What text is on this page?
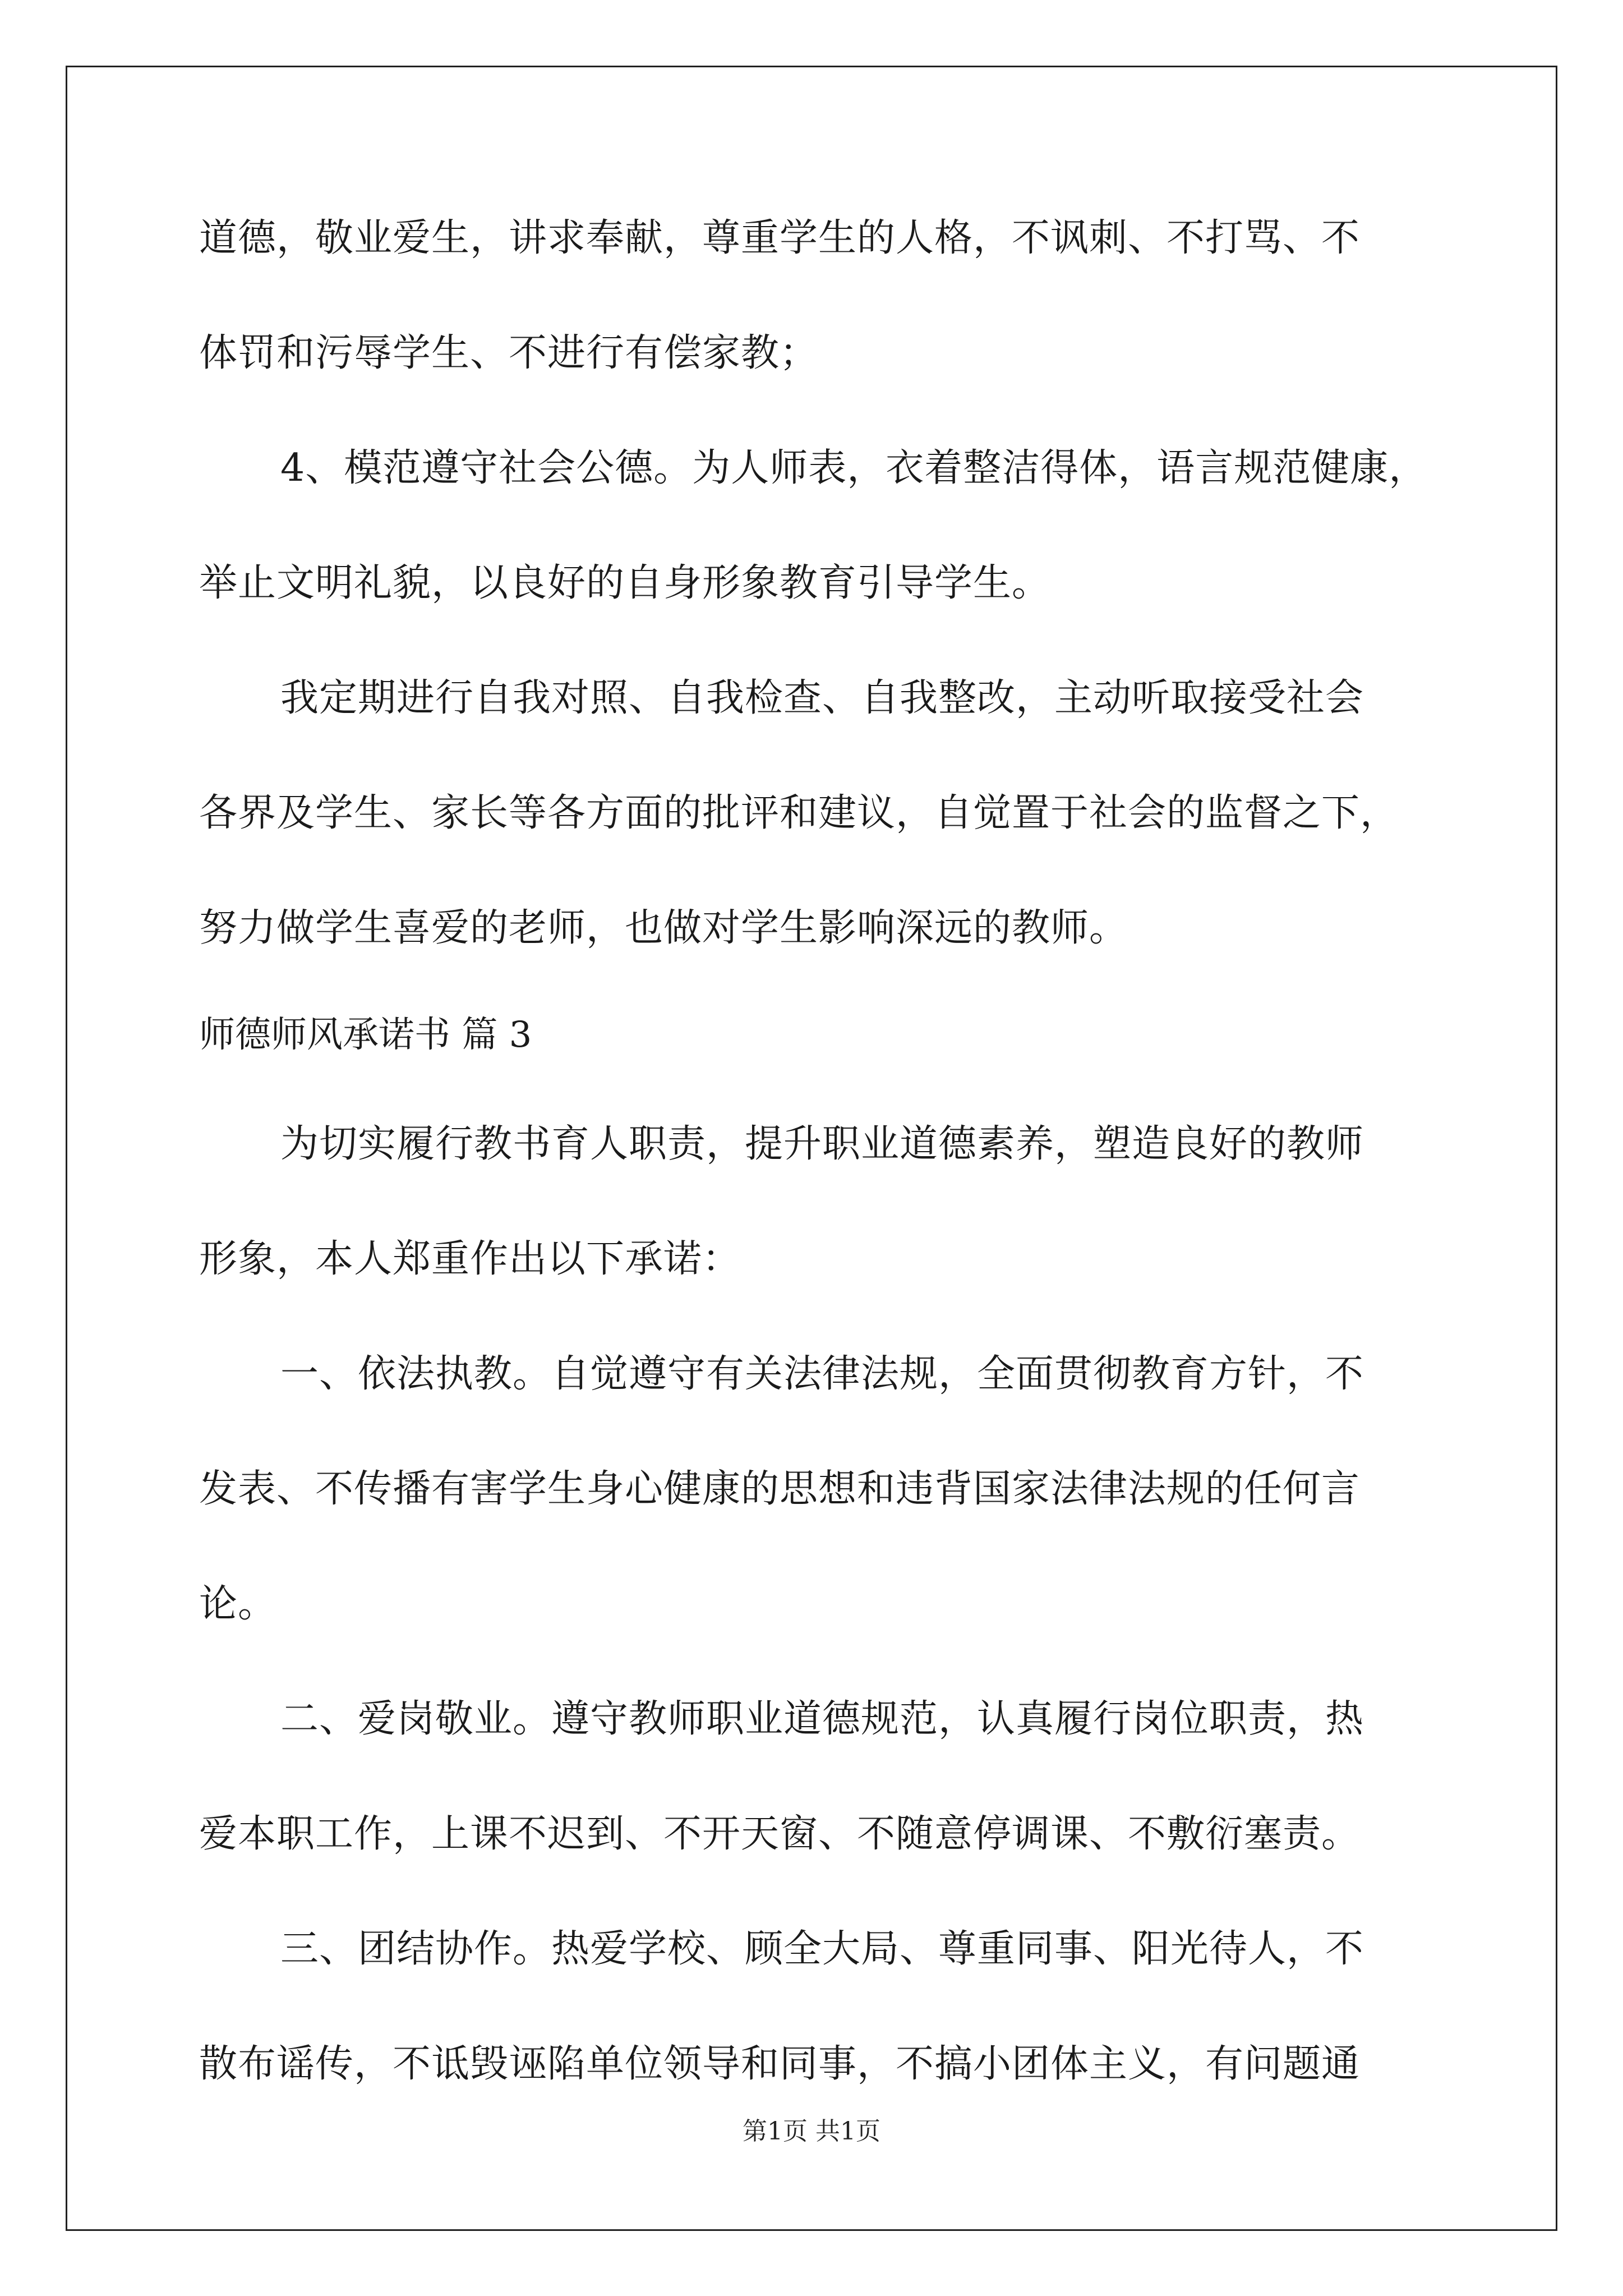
道德，敬业爱生，讲求奉献，尊重学生的人格，不讽刺、不打骂、不
体罚和污辱学生、不进行有偿家教；
4、模范遵守社会公德。为人师表，衣着整洁得体，语言规范健康，
举止文明礼貌，以良好的自身形象教育引导学生。
我定期进行自我对照、自我检查、自我整改，主动听取接受社会
各界及学生、家长等各方面的批评和建议，自觉置于社会的监督之下，
努力做学生喜爱的老师，也做对学生影响深远的教师。
师德师风承诺书 篇 3
为切实履行教书育人职责，提升职业道德素养，塑造良好的教师
形象，本人郑重作出以下承诺：
一、依法执教。自觉遵守有关法律法规，全面贯彻教育方针，不
发表、不传播有害学生身心健康的思想和违背国家法律法规的任何言
论。
二、爱岗敬业。遵守教师职业道德规范，认真履行岗位职责，热
爱本职工作，上课不迟到、不开天窗、不随意停调课、不敷衍塞责。
三、团结协作。热爱学校、顾全大局、尊重同事、阳光待人，不
散布谣传，不诋毁诬陷单位领导和同事，不搞小团体主义，有问题通
第1页 共1页
